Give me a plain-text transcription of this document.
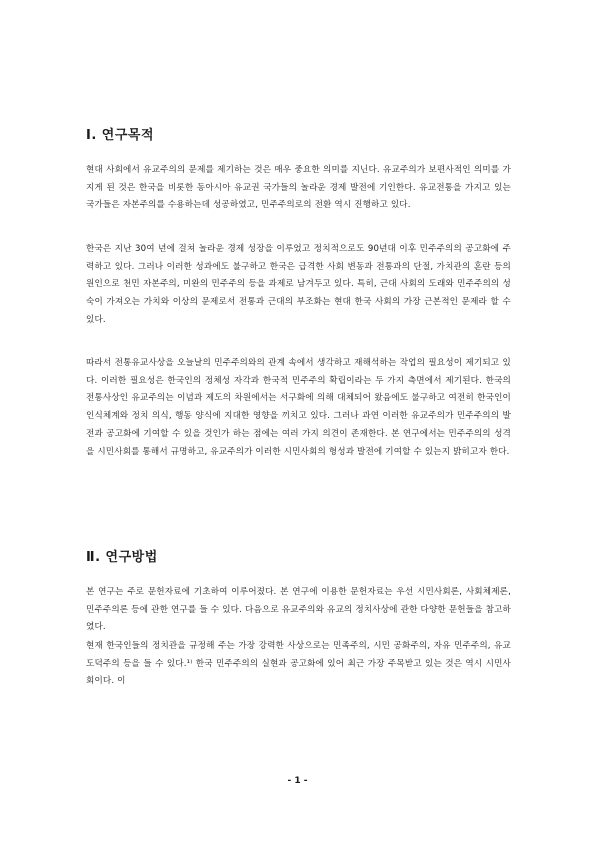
Ⅰ. 연구목적

현대 사회에서 유교주의의 문제를 제기하는 것은 매우 중요한 의미를 지닌다. 유교주의가 보편사적인 의미를 가지게 된 것은 한국을 비롯한 동아시아 유교권 국가들의 놀라운 경제 발전에 기인한다. 유교전통을 가지고 있는 국가들은 자본주의를 수용하는데 성공하였고, 민주주의로의 전환 역시 진행하고 있다.

한국은 지난 30여 년에 걸쳐 놀라운 경제 성장을 이루었고 정치적으로도 90년대 이후 민주주의의 공고화에 주력하고 있다. 그러나 이러한 성과에도 불구하고 한국은 급격한 사회 변동과 전통과의 단절, 가치관의 혼란 등의 원인으로 천민 자본주의, 미완의 민주주의 등을 과제로 남겨두고 있다. 특히, 근대 사회의 도래와 민주주의의 성숙이 가져오는 가치와 이상의 문제로서 전통과 근대의 부조화는 현대 한국 사회의 가장 근본적인 문제라 할 수 있다.

따라서 전통유교사상을 오늘날의 민주주의와의 관계 속에서 생각하고 재해석하는 작업의 필요성이 제기되고 있다. 이러한 필요성은 한국인의 정체성 자각과 한국적 민주주의 확립이라는 두 가지 측면에서 제기된다. 한국의 전통사상인 유교주의는 이념과 제도의 차원에서는 서구화에 의해 대체되어 왔음에도 불구하고 여전히 한국인이 인식체계와 정치 의식, 행동 양식에 지대한 영향을 끼치고 있다. 그러나 과연 이러한 유교주의가 민주주의의 발전과 공고화에 기여할 수 있을 것인가 하는 점에는 여러 가지 의견이 존재한다. 본 연구에서는 민주주의의 성격을 시민사회를 통해서 규명하고, 유교주의가 이러한 시민사회의 형성과 발전에 기여할 수 있는지 밝히고자 한다.

Ⅱ. 연구방법

본 연구는 주로 문헌자료에 기초하여 이루어졌다. 본 연구에 이용한 문헌자료는 우선 시민사회론, 사회체제론, 민주주의론 등에 관한 연구를 들 수 있다. 다음으로 유교주의와 유교의 정치사상에 관한 다양한 문헌들을 참고하였다.

현재 한국인들의 정치관을 규정해 주는 가장 강력한 사상으로는 민족주의, 시민 공화주의, 자유 민주주의, 유교 도덕주의 등을 들 수 있다.¹⁾ 한국 민주주의의 실현과 공고화에 있어 최근 가장 주목받고 있는 것은 역시 시민사회이다. 이

- 1 -
